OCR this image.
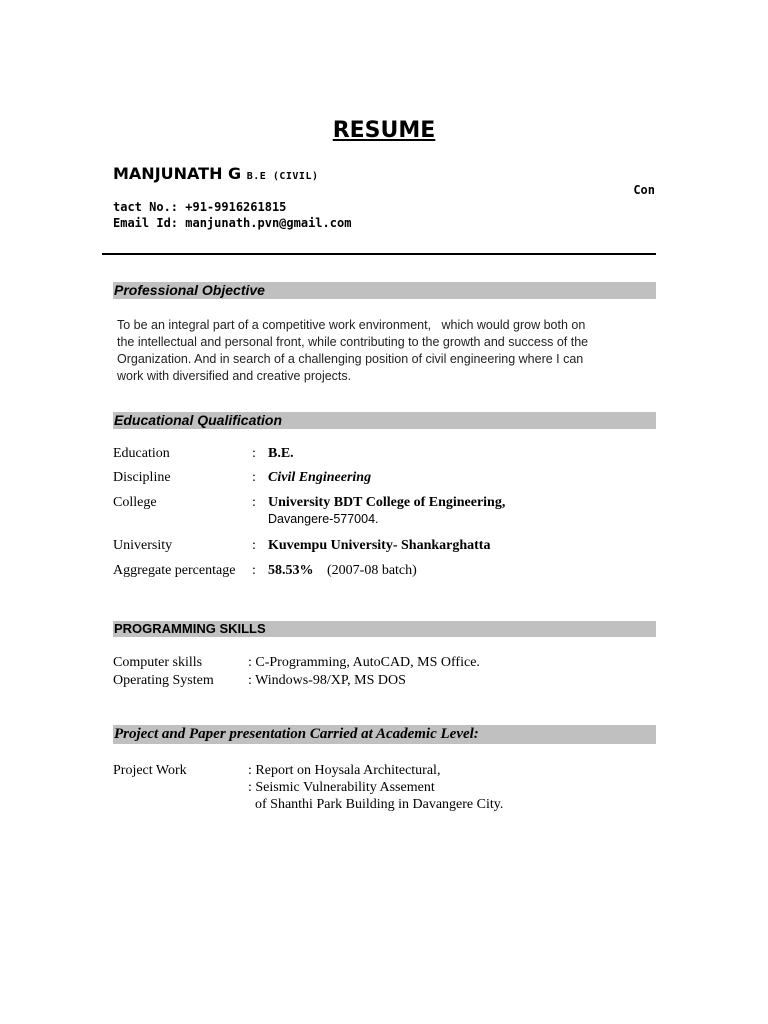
RESUME
MANJUNATH G B.E (CIVIL)
Con
tact No.: +91-9916261815
Email Id: manjunath.pvn@gmail.com
Professional Objective
To be an integral part of a competitive work environment,   which would grow both on
the intellectual and personal front, while contributing to the growth and success of the
Organization. And in search of a challenging position of civil engineering where I can
work with diversified and creative projects.
Educational Qualification
Education	: B.E.
Discipline	: Civil Engineering
College	: University BDT College of Engineering,
Davangere-577004.
University	: Kuvempu University- Shankarghatta
Aggregate percentage : 58.53% (2007-08 batch)
PROGRAMMING SKILLS
Computer skills	: C-Programming, AutoCAD, MS Office.
Operating System : Windows-98/XP, MS DOS
Project and Paper presentation Carried at Academic Level:
Project Work	: Report on Hoysala Architectural,
: Seismic Vulnerability Assement
of Shanthi Park Building in Davangere City.
